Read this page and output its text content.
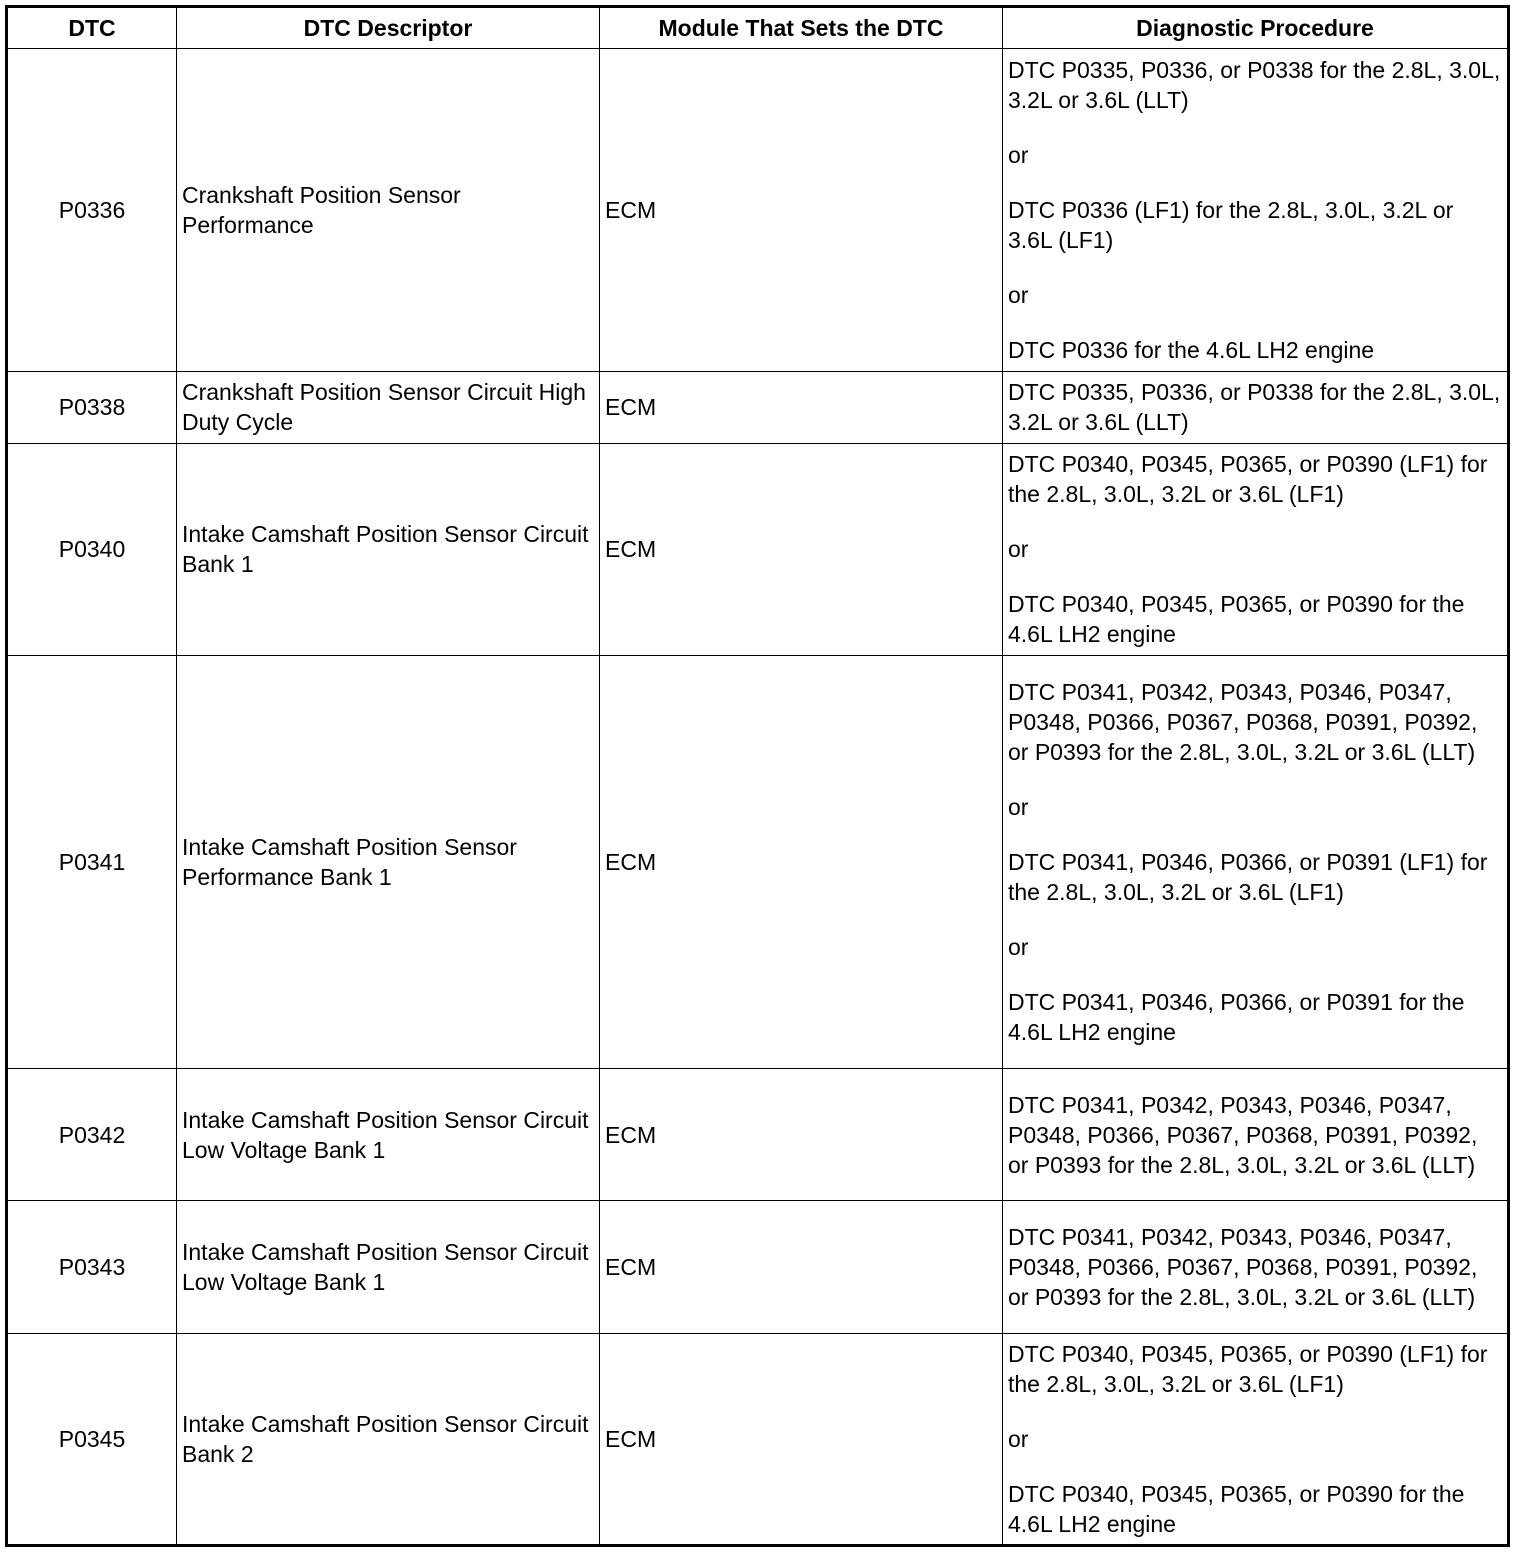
DTC	DTC Descriptor	Module That Sets the DTC	Diagnostic Procedure
P0336	Crankshaft Position Sensor Performance	ECM	DTC P0335, P0336, or P0338 for the 2.8L, 3.0L, 3.2L or 3.6L (LLT)
or
DTC P0336 (LF1) for the 2.8L, 3.0L, 3.2L or 3.6L (LF1)
or
DTC P0336 for the 4.6L LH2 engine

P0338	Crankshaft Position Sensor Circuit High Duty Cycle	ECM	DTC P0335, P0336, or P0338 for the 2.8L, 3.0L, 3.2L or 3.6L (LLT)

P0340	Intake Camshaft Position Sensor Circuit Bank 1	ECM	DTC P0340, P0345, P0365, or P0390 (LF1) for the 2.8L, 3.0L, 3.2L or 3.6L (LF1)
or
DTC P0340, P0345, P0365, or P0390 for the 4.6L LH2 engine

P0341	Intake Camshaft Position Sensor Performance Bank 1	ECM	DTC P0341, P0342, P0343, P0346, P0347, P0348, P0366, P0367, P0368, P0391, P0392, or P0393 for the 2.8L, 3.0L, 3.2L or 3.6L (LLT)
or
DTC P0341, P0346, P0366, or P0391 (LF1) for the 2.8L, 3.0L, 3.2L or 3.6L (LF1)
or
DTC P0341, P0346, P0366, or P0391 for the 4.6L LH2 engine

P0342	Intake Camshaft Position Sensor Circuit Low Voltage Bank 1	ECM	DTC P0341, P0342, P0343, P0346, P0347, P0348, P0366, P0367, P0368, P0391, P0392, or P0393 for the 2.8L, 3.0L, 3.2L or 3.6L (LLT)

P0343	Intake Camshaft Position Sensor Circuit Low Voltage Bank 1	ECM	DTC P0341, P0342, P0343, P0346, P0347, P0348, P0366, P0367, P0368, P0391, P0392, or P0393 for the 2.8L, 3.0L, 3.2L or 3.6L (LLT)

P0345	Intake Camshaft Position Sensor Circuit Bank 2	ECM	DTC P0340, P0345, P0365, or P0390 (LF1) for the 2.8L, 3.0L, 3.2L or 3.6L (LF1)
or
DTC P0340, P0345, P0365, or P0390 for the 4.6L LH2 engine
